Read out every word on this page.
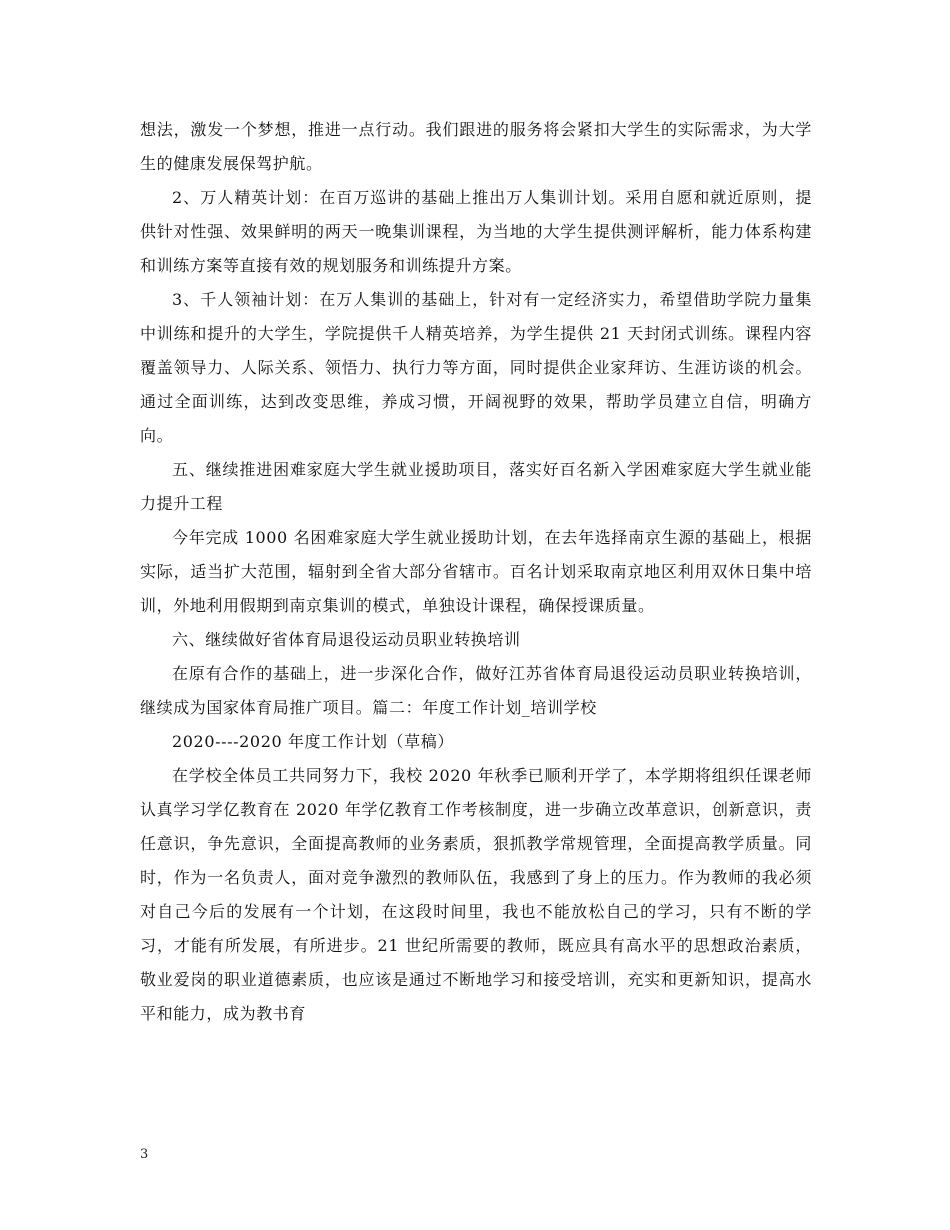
想法，激发一个梦想，推进一点行动。我们跟进的服务将会紧扣大学生的实际需求，为大学生的健康发展保驾护航。

2、万人精英计划：在百万巡讲的基础上推出万人集训计划。采用自愿和就近原则，提供针对性强、效果鲜明的两天一晚集训课程，为当地的大学生提供测评解析，能力体系构建和训练方案等直接有效的规划服务和训练提升方案。

3、千人领袖计划：在万人集训的基础上，针对有一定经济实力，希望借助学院力量集中训练和提升的大学生，学院提供千人精英培养，为学生提供 21 天封闭式训练。课程内容覆盖领导力、人际关系、领悟力、执行力等方面，同时提供企业家拜访、生涯访谈的机会。通过全面训练，达到改变思维，养成习惯，开阔视野的效果，帮助学员建立自信，明确方向。

五、继续推进困难家庭大学生就业援助项目，落实好百名新入学困难家庭大学生就业能力提升工程

今年完成 1000 名困难家庭大学生就业援助计划，在去年选择南京生源的基础上，根据实际，适当扩大范围，辐射到全省大部分省辖市。百名计划采取南京地区利用双休日集中培训，外地利用假期到南京集训的模式，单独设计课程，确保授课质量。

六、继续做好省体育局退役运动员职业转换培训

在原有合作的基础上，进一步深化合作，做好江苏省体育局退役运动员职业转换培训，继续成为国家体育局推广项目。篇二：年度工作计划_培训学校

2020----2020 年度工作计划（草稿）

在学校全体员工共同努力下，我校 2020 年秋季已顺利开学了，本学期将组织任课老师认真学习学亿教育在 2020 年学亿教育工作考核制度，进一步确立改革意识，创新意识，责任意识，争先意识，全面提高教师的业务素质，狠抓教学常规管理，全面提高教学质量。同时，作为一名负责人，面对竞争激烈的教师队伍，我感到了身上的压力。作为教师的我必须对自己今后的发展有一个计划，在这段时间里，我也不能放松自己的学习，只有不断的学习，才能有所发展，有所进步。21 世纪所需要的教师，既应具有高水平的思想政治素质，敬业爱岗的职业道德素质，也应该是通过不断地学习和接受培训，充实和更新知识，提高水平和能力，成为教书育

3
